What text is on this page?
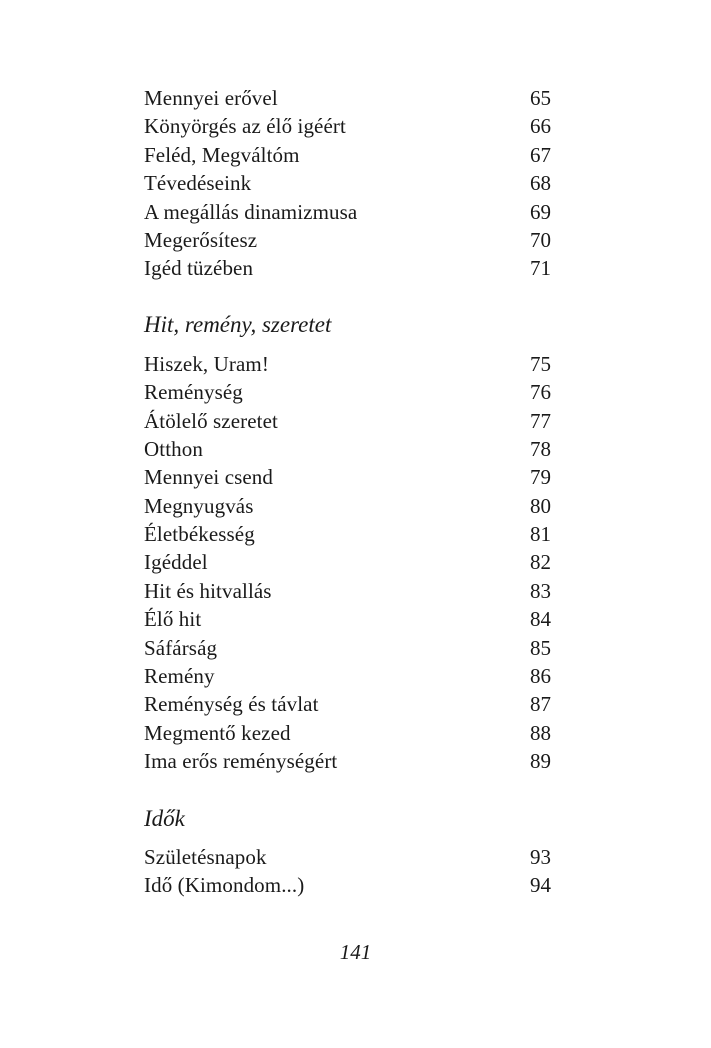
Mennyei erővel	65
Könyörgés az élő igéért	66
Feléd, Megváltóm	67
Tévedéseink	68
A megállás dinamizmusa	69
Megerősítesz	70
Igéd tüzében	71
Hit, remény, szeretet
Hiszek, Uram!	75
Reménység	76
Átölelő szeretet	77
Otthon	78
Mennyei csend	79
Megnyugvás	80
Életbékesség	81
Igéddel	82
Hit és hitvallás	83
Élő hit	84
Sáfárság	85
Remény	86
Reménység és távlat	87
Megmentő kezed	88
Ima erős reménységért	89
Idők
Születésnapok	93
Idő (Kimondom...)	94
141
